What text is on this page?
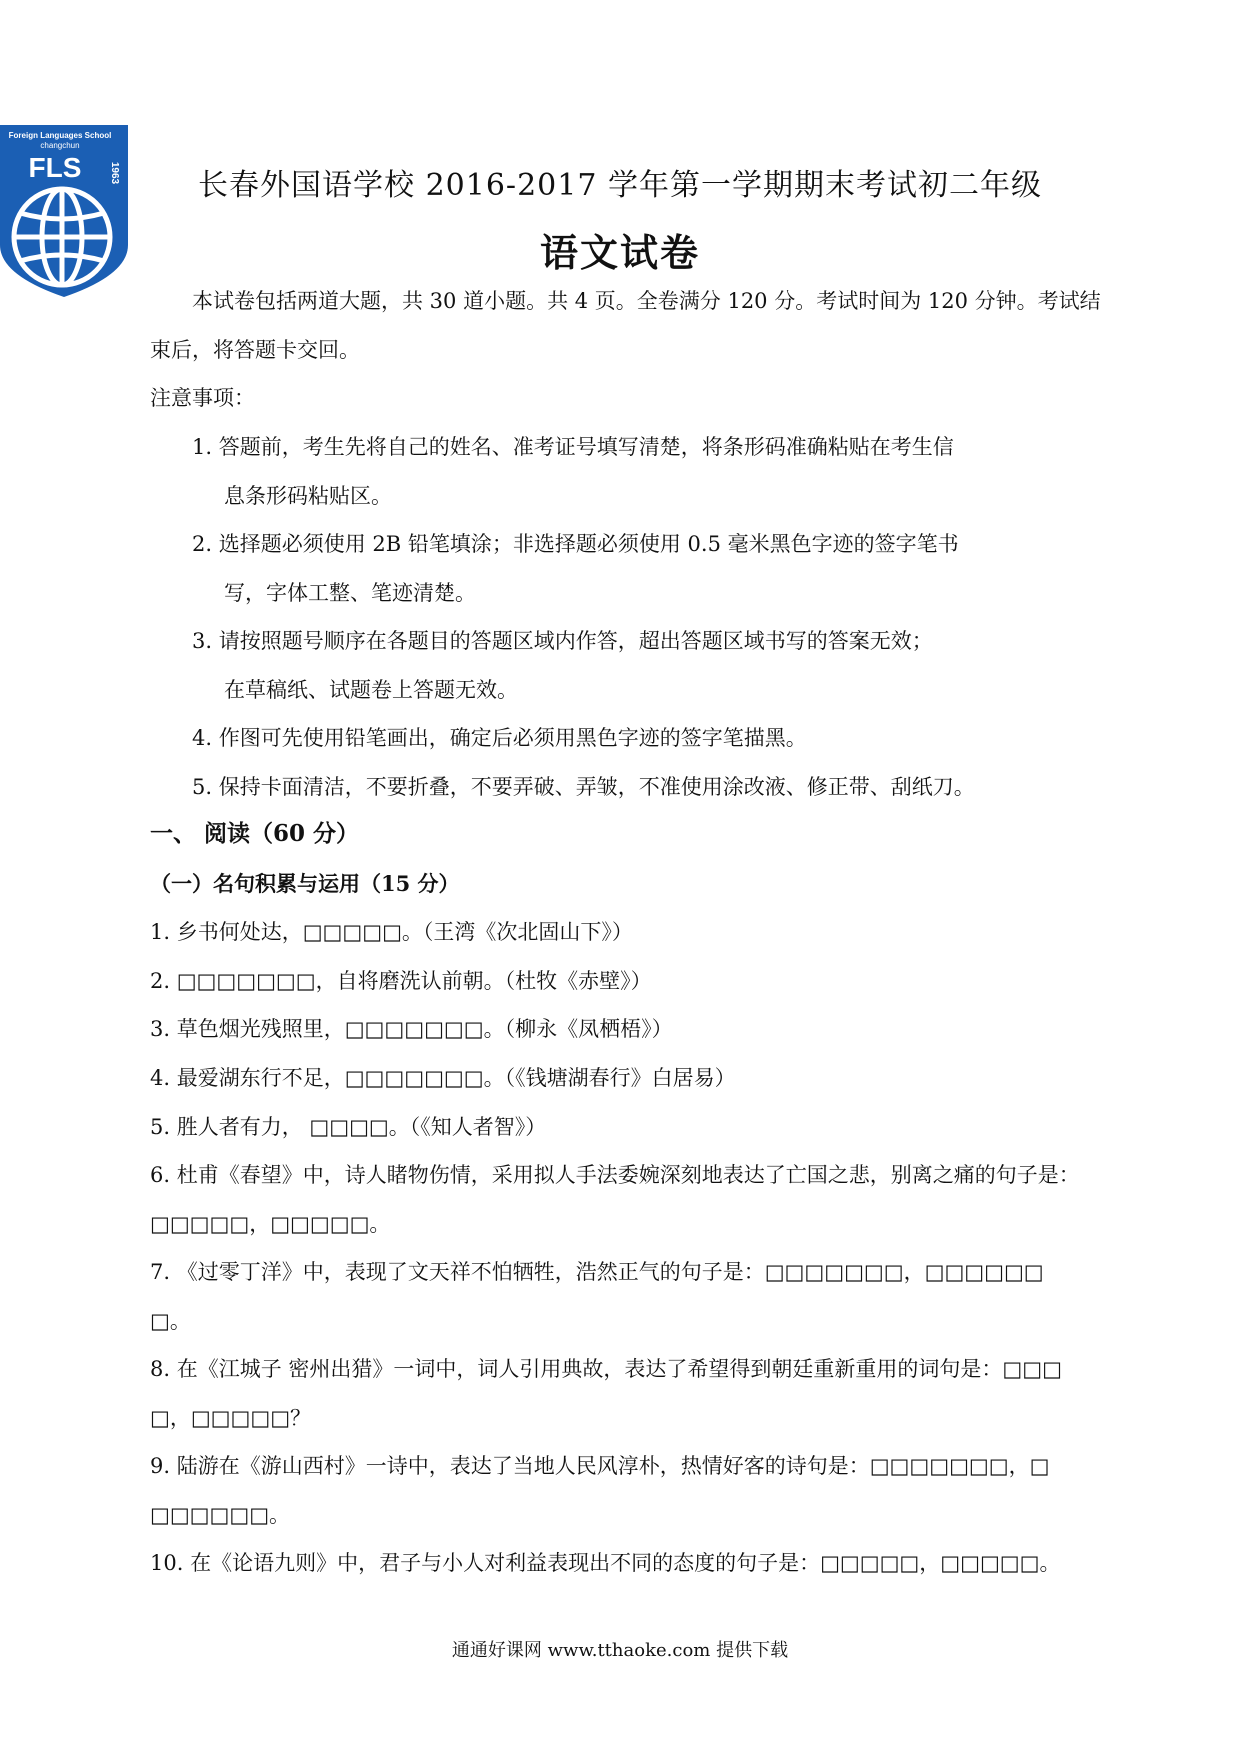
Foreign Languages School
changchun
FLS	1963	长春外国语学校 2016-2017 学年第一学期期末考试初二年级
语文试卷
本试卷包括两道大题，共 30 道小题。共 4 页。全卷满分 120 分。考试时间为 120 分钟。考试结
束后，将答题卡交回。
注意事项：
1. 答题前，考生先将自己的姓名、准考证号填写清楚，将条形码准确粘贴在考生信
息条形码粘贴区。
2. 选择题必须使用 2B 铅笔填涂；非选择题必须使用 0.5 毫米黑色字迹的签字笔书
写，字体工整、笔迹清楚。
3. 请按照题号顺序在各题目的答题区域内作答，超出答题区域书写的答案无效；
在草稿纸、试题卷上答题无效。
4. 作图可先使用铅笔画出，确定后必须用黑色字迹的签字笔描黑。
5. 保持卡面清洁，不要折叠，不要弄破、弄皱，不准使用涂改液、修正带、刮纸刀。
一、 阅读（60 分）
（一）名句积累与运用（15 分）
1. 乡书何处达，□□□□□。（王湾《次北固山下》）
2. □□□□□□□，自将磨洗认前朝。（杜牧《赤壁》）
3. 草色烟光残照里，□□□□□□□。（柳永《凤栖梧》）
4. 最爱湖东行不足，□□□□□□□。（《钱塘湖春行》白居易）
5. 胜人者有力， □□□□。（《知人者智》）
6. 杜甫《春望》中，诗人睹物伤情，采用拟人手法委婉深刻地表达了亡国之悲，别离之痛的句子是：
□□□□□，□□□□□。
7. 《过零丁洋》中，表现了文天祥不怕牺牲，浩然正气的句子是：□□□□□□□，□□□□□□
□。
8. 在《江城子 密州出猎》一词中，词人引用典故，表达了希望得到朝廷重新重用的词句是：□□□
□，□□□□□？
9. 陆游在《游山西村》一诗中，表达了当地人民风淳朴，热情好客的诗句是：□□□□□□□，□
□□□□□□。
10. 在《论语九则》中，君子与小人对利益表现出不同的态度的句子是：□□□□□，□□□□□。
通通好课网 www.tthaoke.com 提供下载
